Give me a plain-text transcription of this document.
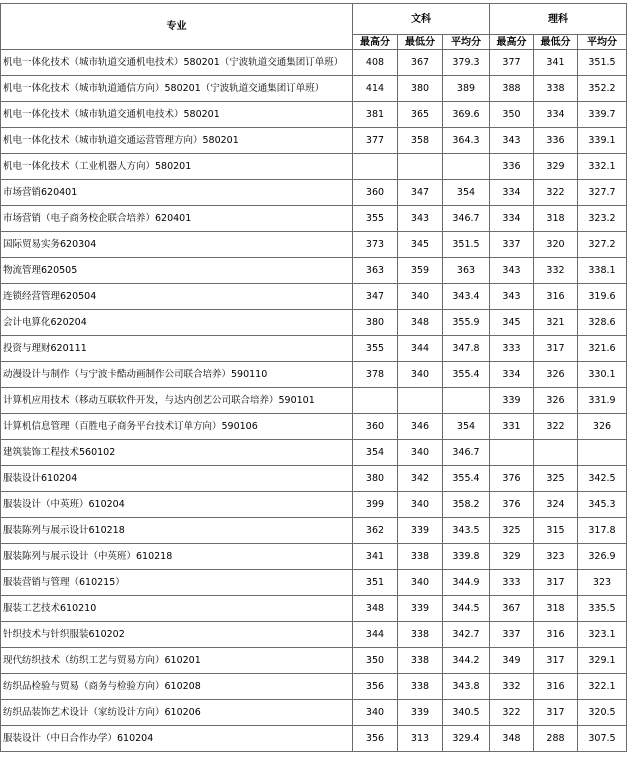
专业	文科			理科		
	最高分	最低分	平均分	最高分	最低分	平均分
机电一体化技术（城市轨道交通机电技术）580201（宁波轨道交通集团订单班）	408	367	379.3	377	341	351.5
机电一体化技术（城市轨道通信方向）580201（宁波轨道交通集团订单班）	414	380	389	388	338	352.2
机电一体化技术（城市轨道交通机电技术）580201	381	365	369.6	350	334	339.7
机电一体化技术（城市轨道交通运营管理方向）580201	377	358	364.3	343	336	339.1
机电一体化技术（工业机器人方向）580201				336	329	332.1
市场营销620401	360	347	354	334	322	327.7
市场营销（电子商务校企联合培养）620401	355	343	346.7	334	318	323.2
国际贸易实务620304	373	345	351.5	337	320	327.2
物流管理620505	363	359	363	343	332	338.1
连锁经营管理620504	347	340	343.4	343	316	319.6
会计电算化620204	380	348	355.9	345	321	328.6
投资与理财620111	355	344	347.8	333	317	321.6
动漫设计与制作（与宁波卡酷动画制作公司联合培养）590110	378	340	355.4	334	326	330.1
计算机应用技术（移动互联软件开发，与达内创艺公司联合培养）590101				339	326	331.9
计算机信息管理（百胜电子商务平台技术订单方向）590106	360	346	354	331	322	326
建筑装饰工程技术560102	354	340	346.7			
服装设计610204	380	342	355.4	376	325	342.5
服装设计（中英班）610204	399	340	358.2	376	324	345.3
服装陈列与展示设计610218	362	339	343.5	325	315	317.8
服装陈列与展示设计（中英班）610218	341	338	339.8	329	323	326.9
服装营销与管理（610215）	351	340	344.9	333	317	323
服装工艺技术610210	348	339	344.5	367	318	335.5
针织技术与针织服装610202	344	338	342.7	337	316	323.1
现代纺织技术（纺织工艺与贸易方向）610201	350	338	344.2	349	317	329.1
纺织品检验与贸易（商务与检验方向）610208	356	338	343.8	332	316	322.1
纺织品装饰艺术设计（家纺设计方向）610206	340	339	340.5	322	317	320.5
服装设计（中日合作办学）610204	356	313	329.4	348	288	307.5
